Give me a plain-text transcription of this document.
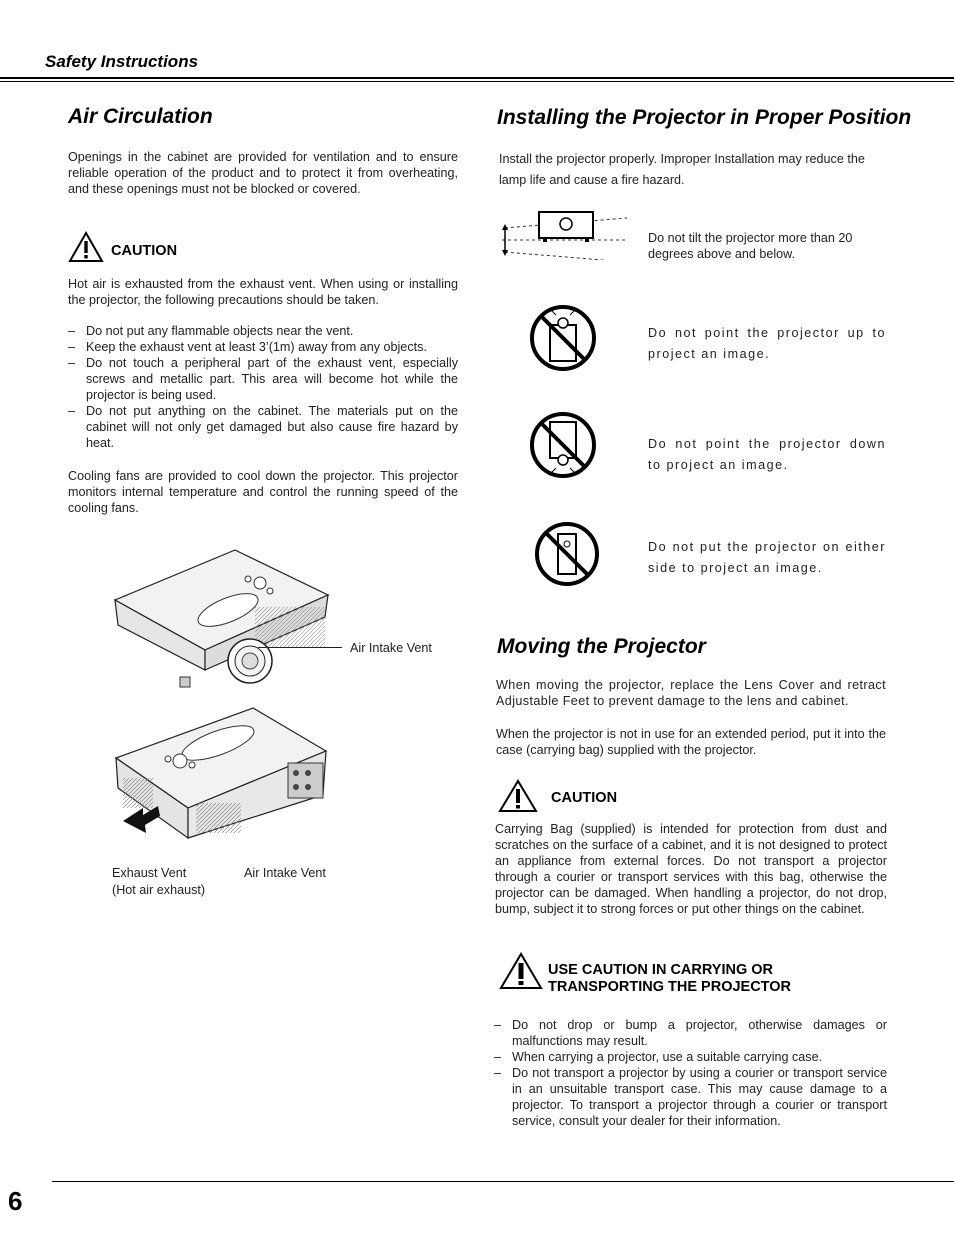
Safety Instructions
Air Circulation
Openings in the cabinet are provided for ventilation and to ensure reliable operation of the product and to protect it from overheating, and these openings must not be blocked or covered.
CAUTION
Hot air is exhausted from the exhaust vent. When using or installing the projector, the following precautions should be taken.
– Do not put any flammable objects near the vent.
– Keep the exhaust vent at least 3’(1m) away from any objects.
– Do not touch a peripheral part of the exhaust vent, especially screws and metallic part. This area will become hot while the projector is being used.
– Do not put anything on the cabinet. The materials put on the cabinet will not only get damaged but also cause fire hazard by heat.
Cooling fans are provided to cool down the projector. This projector monitors internal temperature and control the running speed of the cooling fans.
Air Intake Vent
Exhaust Vent
(Hot air exhaust)
Air Intake Vent
Installing the Projector in Proper Position
Install the projector properly. Improper Installation may reduce the lamp life and cause a fire hazard.
Do not tilt the projector more than 20 degrees above and below.
Do not point the projector up to project an image.
Do not point the projector down to project an image.
Do not put the projector on either side to project an image.
Moving the Projector
When moving the projector, replace the Lens Cover and retract Adjustable Feet to prevent damage to the lens and cabinet.
When the projector is not in use for an extended period, put it into the case (carrying bag) supplied with the projector.
CAUTION
Carrying Bag (supplied) is intended for protection from dust and scratches on the surface of a cabinet, and it is not designed to protect an appliance from external forces. Do not transport a projector through a courier or transport services with this bag, otherwise the projector can be damaged. When handling a projector, do not drop, bump, subject it to strong forces or put other things on the cabinet.
USE CAUTION IN CARRYING OR
TRANSPORTING THE PROJECTOR
– Do not drop or bump a projector, otherwise damages or malfunctions may result.
– When carrying a projector, use a suitable carrying case.
– Do not transport a projector by using a courier or transport service in an unsuitable transport case. This may cause damage to a projector. To transport a projector through a courier or transport service, consult your dealer for their information.
6
